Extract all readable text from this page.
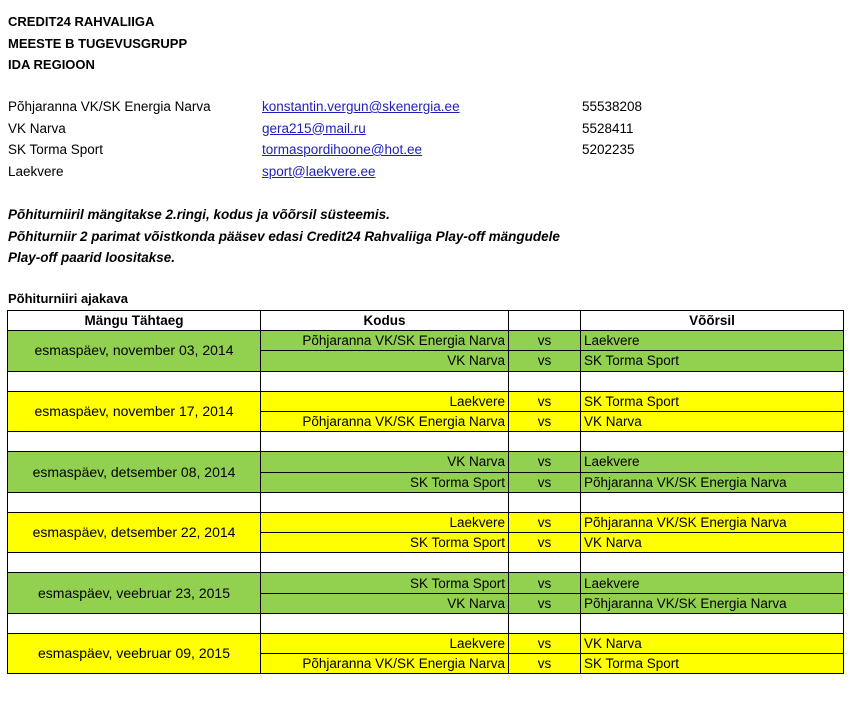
CREDIT24 RAHVALIIGA
MEESTE B TUGEVUSGRUPP
IDA REGIOON
Põhjaranna VK/SK Energia Narva	konstantin.vergun@skenergia.ee	55538208
VK Narva	gera215@mail.ru	5528411
SK Torma Sport	tormaspordihoone@hot.ee	5202235
Laekvere	sport@laekvere.ee
Põhiturniiril mängitakse 2.ringi, kodus ja võõrsil süsteemis.
Põhiturniir 2 parimat võistkonda pääsev edasi Credit24 Rahvaliiga Play-off mängudele
Play-off paarid loositakse.
Põhiturniiri ajakava
Mängu Tähtaeg	Kodus		Võõrsil
esmaspäev, november 03, 2014	Põhjaranna VK/SK Energia Narva	vs	Laekvere
	VK Narva	vs	SK Torma Sport

esmaspäev, november 17, 2014	Laekvere	vs	SK Torma Sport
	Põhjaranna VK/SK Energia Narva	vs	VK Narva

esmaspäev, detsember 08, 2014	VK Narva	vs	Laekvere
	SK Torma Sport	vs	Põhjaranna VK/SK Energia Narva

esmaspäev, detsember 22, 2014	Laekvere	vs	Põhjaranna VK/SK Energia Narva
	SK Torma Sport	vs	VK Narva

esmaspäev, veebruar 23, 2015	SK Torma Sport	vs	Laekvere
	VK Narva	vs	Põhjaranna VK/SK Energia Narva

esmaspäev, veebruar 09, 2015	Laekvere	vs	VK Narva
	Põhjaranna VK/SK Energia Narva	vs	SK Torma Sport
